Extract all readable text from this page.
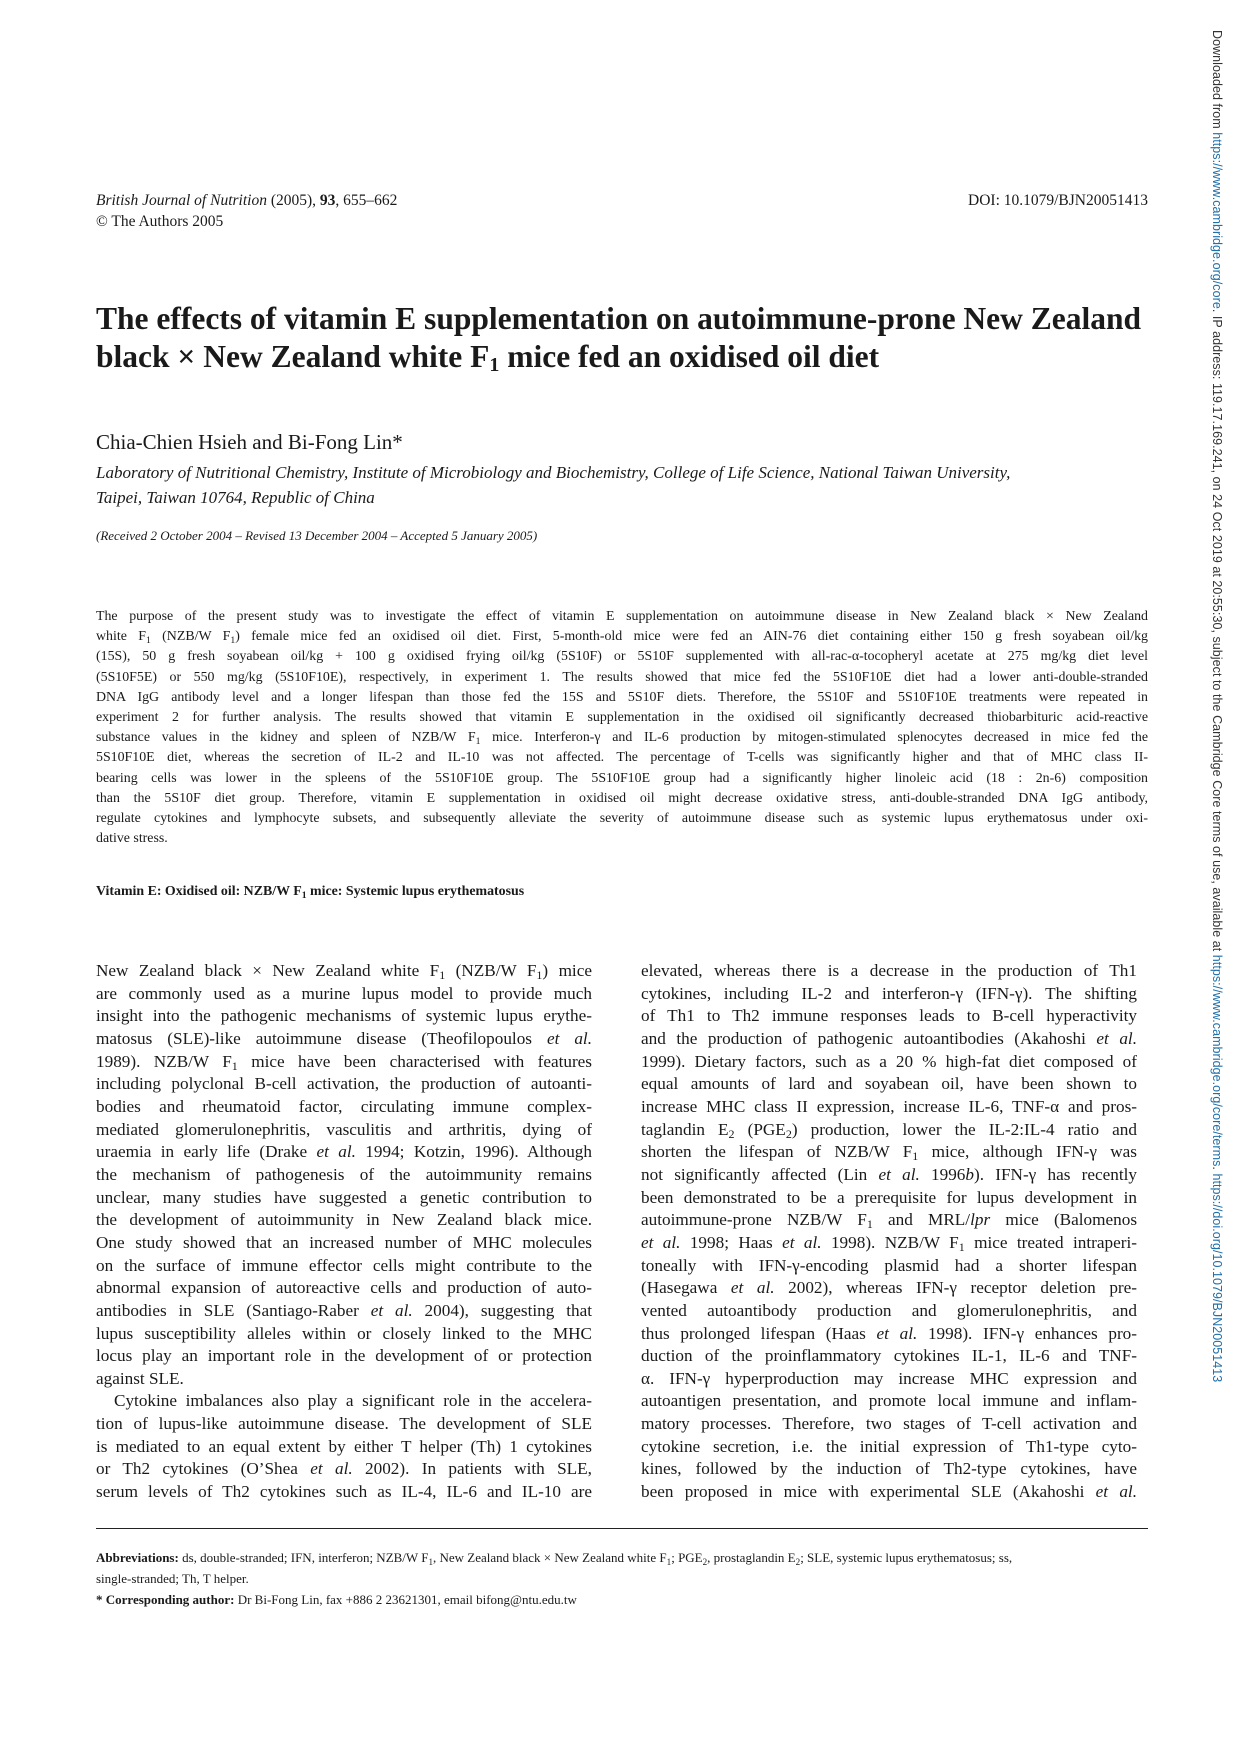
British Journal of Nutrition (2005), 93, 655–662
© The Authors 2005
DOI: 10.1079/BJN20051413
The effects of vitamin E supplementation on autoimmune-prone New Zealand
black × New Zealand white $F_1$ mice fed an oxidised oil diet

Chia-Chien Hsieh and Bi-Fong Lin*

Laboratory of Nutritional Chemistry, Institute of Microbiology and Biochemistry, College of Life Science, National Taiwan University,
Taipei, Taiwan 10764, Republic of China

(Received 2 October 2004 – Revised 13 December 2004 – Accepted 5 January 2005)

The purpose of the present study was to investigate the effect of vitamin E supplementation on autoimmune disease in New Zealand black × New Zealand
white $F_1$ (NZB/W $F_1$) female mice fed an oxidised oil diet. First, 5-month-old mice were fed an AIN-76 diet containing either 150 g fresh soyabean oil/kg
(15S), 50 g fresh soyabean oil/kg + 100 g oxidised frying oil/kg (5S10F) or 5S10F supplemented with all-rac-α-tocopheryl acetate at 275 mg/kg diet level
(5S10F5E) or 550 mg/kg (5S10F10E), respectively, in experiment 1. The results showed that mice fed the 5S10F10E diet had a lower anti-double-stranded
DNA IgG antibody level and a longer lifespan than those fed the 15S and 5S10F diets. Therefore, the 5S10F and 5S10F10E treatments were repeated in
experiment 2 for further analysis. The results showed that vitamin E supplementation in the oxidised oil significantly decreased thiobarbituric acid-reactive
substance values in the kidney and spleen of NZB/W $F_1$ mice. Interferon-γ and IL-6 production by mitogen-stimulated splenocytes decreased in mice fed the
5S10F10E diet, whereas the secretion of IL-2 and IL-10 was not affected. The percentage of T-cells was significantly higher and that of MHC class II-
bearing cells was lower in the spleens of the 5S10F10E group. The 5S10F10E group had a significantly higher linoleic acid (18 : 2n-6) composition
than the 5S10F diet group. Therefore, vitamin E supplementation in oxidised oil might decrease oxidative stress, anti-double-stranded DNA IgG antibody,
regulate cytokines and lymphocyte subsets, and subsequently alleviate the severity of autoimmune disease such as systemic lupus erythematosus under oxi-
dative stress.

Vitamin E: Oxidised oil: NZB/W $F_1$ mice: Systemic lupus erythematosus

New Zealand black × New Zealand white $F_1$ (NZB/W $F_1$) mice
are commonly used as a murine lupus model to provide much
insight into the pathogenic mechanisms of systemic lupus erythe-
matosus (SLE)-like autoimmune disease (Theofilopoulos et al.
1989). NZB/W $F_1$ mice have been characterised with features
including polyclonal B-cell activation, the production of autoanti-
bodies and rheumatoid factor, circulating immune complex-
mediated glomerulonephritis, vasculitis and arthritis, dying of
uraemia in early life (Drake et al. 1994; Kotzin, 1996). Although
the mechanism of pathogenesis of the autoimmunity remains
unclear, many studies have suggested a genetic contribution to
the development of autoimmunity in New Zealand black mice.
One study showed that an increased number of MHC molecules
on the surface of immune effector cells might contribute to the
abnormal expansion of autoreactive cells and production of auto-
antibodies in SLE (Santiago-Raber et al. 2004), suggesting that
lupus susceptibility alleles within or closely linked to the MHC
locus play an important role in the development of or protection
against SLE.
Cytokine imbalances also play a significant role in the accelera-
tion of lupus-like autoimmune disease. The development of SLE
is mediated to an equal extent by either T helper (Th) 1 cytokines
or Th2 cytokines (O’Shea et al. 2002). In patients with SLE,
serum levels of Th2 cytokines such as IL-4, IL-6 and IL-10 are
elevated, whereas there is a decrease in the production of Th1
cytokines, including IL-2 and interferon-γ (IFN-γ). The shifting
of Th1 to Th2 immune responses leads to B-cell hyperactivity
and the production of pathogenic autoantibodies (Akahoshi et al.
1999). Dietary factors, such as a 20 % high-fat diet composed of
equal amounts of lard and soyabean oil, have been shown to
increase MHC class II expression, increase IL-6, TNF-α and pros-
taglandin $E_2$ $(PGE_2)$ production, lower the IL-2:IL-4 ratio and
shorten the lifespan of NZB/W $F_1$ mice, although IFN-γ was
not significantly affected (Lin et al. 1996b). IFN-γ has recently
been demonstrated to be a prerequisite for lupus development in
autoimmune-prone NZB/W $F_1$ and MRL/lpr mice (Balomenos
et al. 1998; Haas et al. 1998). NZB/W $F_1$ mice treated intraperi-
toneally with IFN-γ-encoding plasmid had a shorter lifespan
(Hasegawa et al. 2002), whereas IFN-γ receptor deletion pre-
vented autoantibody production and glomerulonephritis, and
thus prolonged lifespan (Haas et al. 1998). IFN-γ enhances pro-
duction of the proinflammatory cytokines IL-1, IL-6 and TNF-
α. IFN-γ hyperproduction may increase MHC expression and
autoantigen presentation, and promote local immune and inflam-
matory processes. Therefore, two stages of T-cell activation and
cytokine secretion, i.e. the initial expression of Th1-type cyto-
kines, followed by the induction of Th2-type cytokines, have
been proposed in mice with experimental SLE (Akahoshi et al.
Abbreviations: ds, double-stranded; IFN, interferon; NZB/W $F_1$, New Zealand black × New Zealand white $F_1$; $PGE_2$, prostaglandin $E_2$; SLE, systemic lupus erythematosus; ss,
single-stranded; Th, T helper.
* Corresponding author: Dr Bi-Fong Lin, fax +886 2 23621301, email bifong@ntu.edu.tw
Downloaded from https://www.cambridge.org/core. IP address: 119.17.169.241, on 24 Oct 2019 at 20:55:30, subject to the Cambridge Core terms of use, available at https://www.cambridge.org/core/terms. https://doi.org/10.1079/BJN20051413
